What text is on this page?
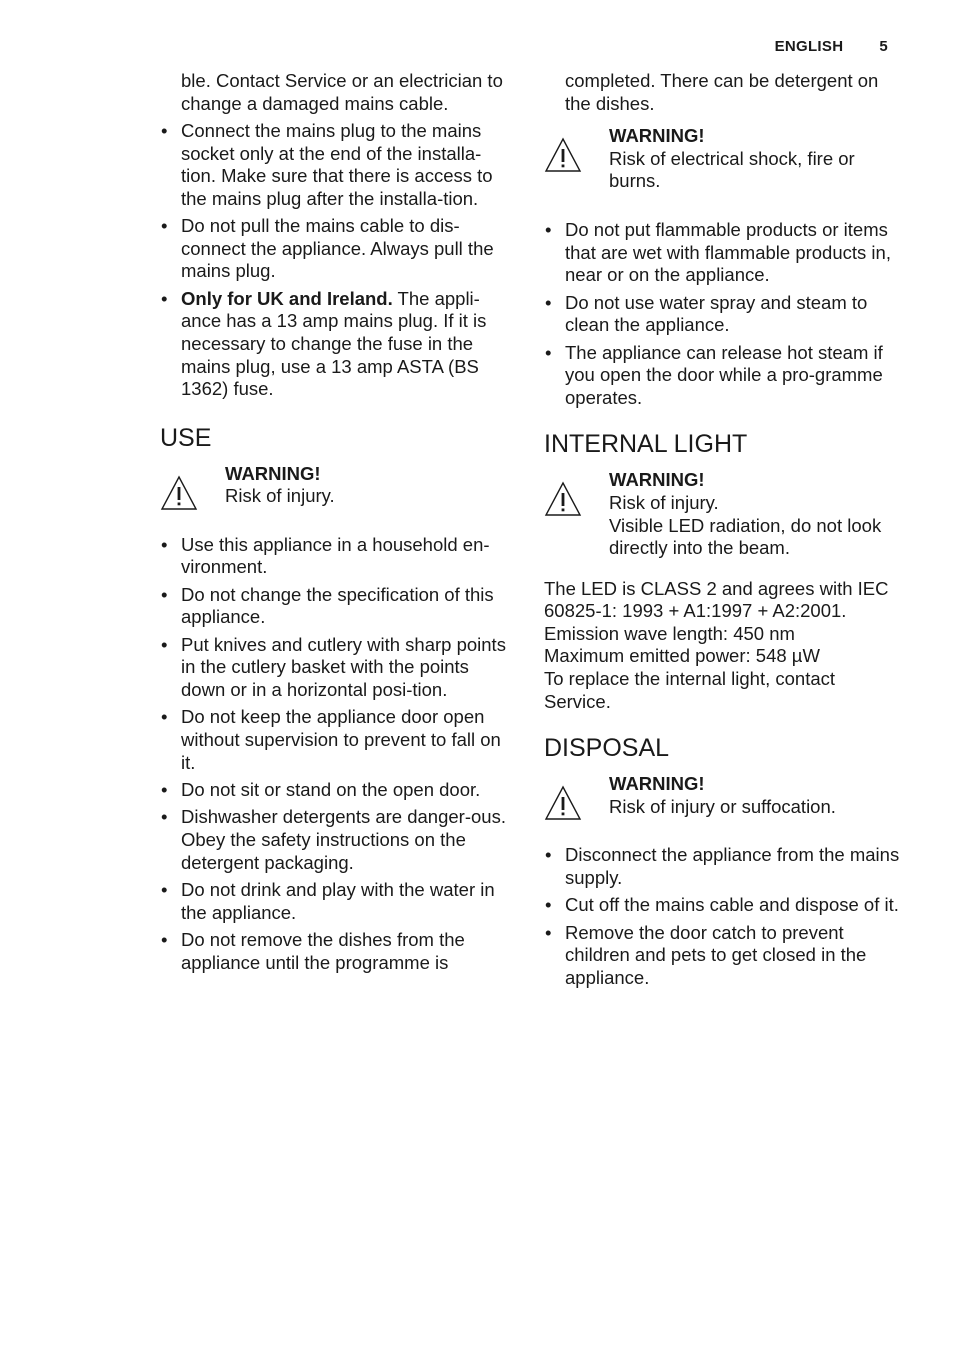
ENGLISH 5

ble. Contact Service or an electrician to change a damaged mains cable.

• Connect the mains plug to the mains socket only at the end of the installa-tion. Make sure that there is access to the mains plug after the installa-tion.
• Do not pull the mains cable to dis-connect the appliance. Always pull the mains plug.
• Only for UK and Ireland. The appli-ance has a 13 amp mains plug. If it is necessary to change the fuse in the mains plug, use a 13 amp ASTA (BS 1362) fuse.
USE
WARNING!
Risk of injury.
• Use this appliance in a household en-vironment.
• Do not change the specification of this appliance.
• Put knives and cutlery with sharp points in the cutlery basket with the points down or in a horizontal posi-tion.
• Do not keep the appliance door open without supervision to prevent to fall on it.
• Do not sit or stand on the open door.
• Dishwasher detergents are danger-ous. Obey the safety instructions on the detergent packaging.
• Do not drink and play with the water in the appliance.
• Do not remove the dishes from the appliance until the programme is

completed. There can be detergent on the dishes.

WARNING!
Risk of electrical shock, fire or burns.
• Do not put flammable products or items that are wet with flammable products in, near or on the appliance.
• Do not use water spray and steam to clean the appliance.
• The appliance can release hot steam if you open the door while a pro-gramme operates.
INTERNAL LIGHT
WARNING!
Risk of injury.
Visible LED radiation, do not look directly into the beam.
The LED is CLASS 2 and agrees with IEC 60825-1: 1993 + A1:1997 + A2:2001.
Emission wave length: 450 nm
Maximum emitted power: 548 µW
To replace the internal light, contact Service.
DISPOSAL
WARNING!
Risk of injury or suffocation.
• Disconnect the appliance from the mains supply.
• Cut off the mains cable and dispose of it.
• Remove the door catch to prevent children and pets to get closed in the appliance.
